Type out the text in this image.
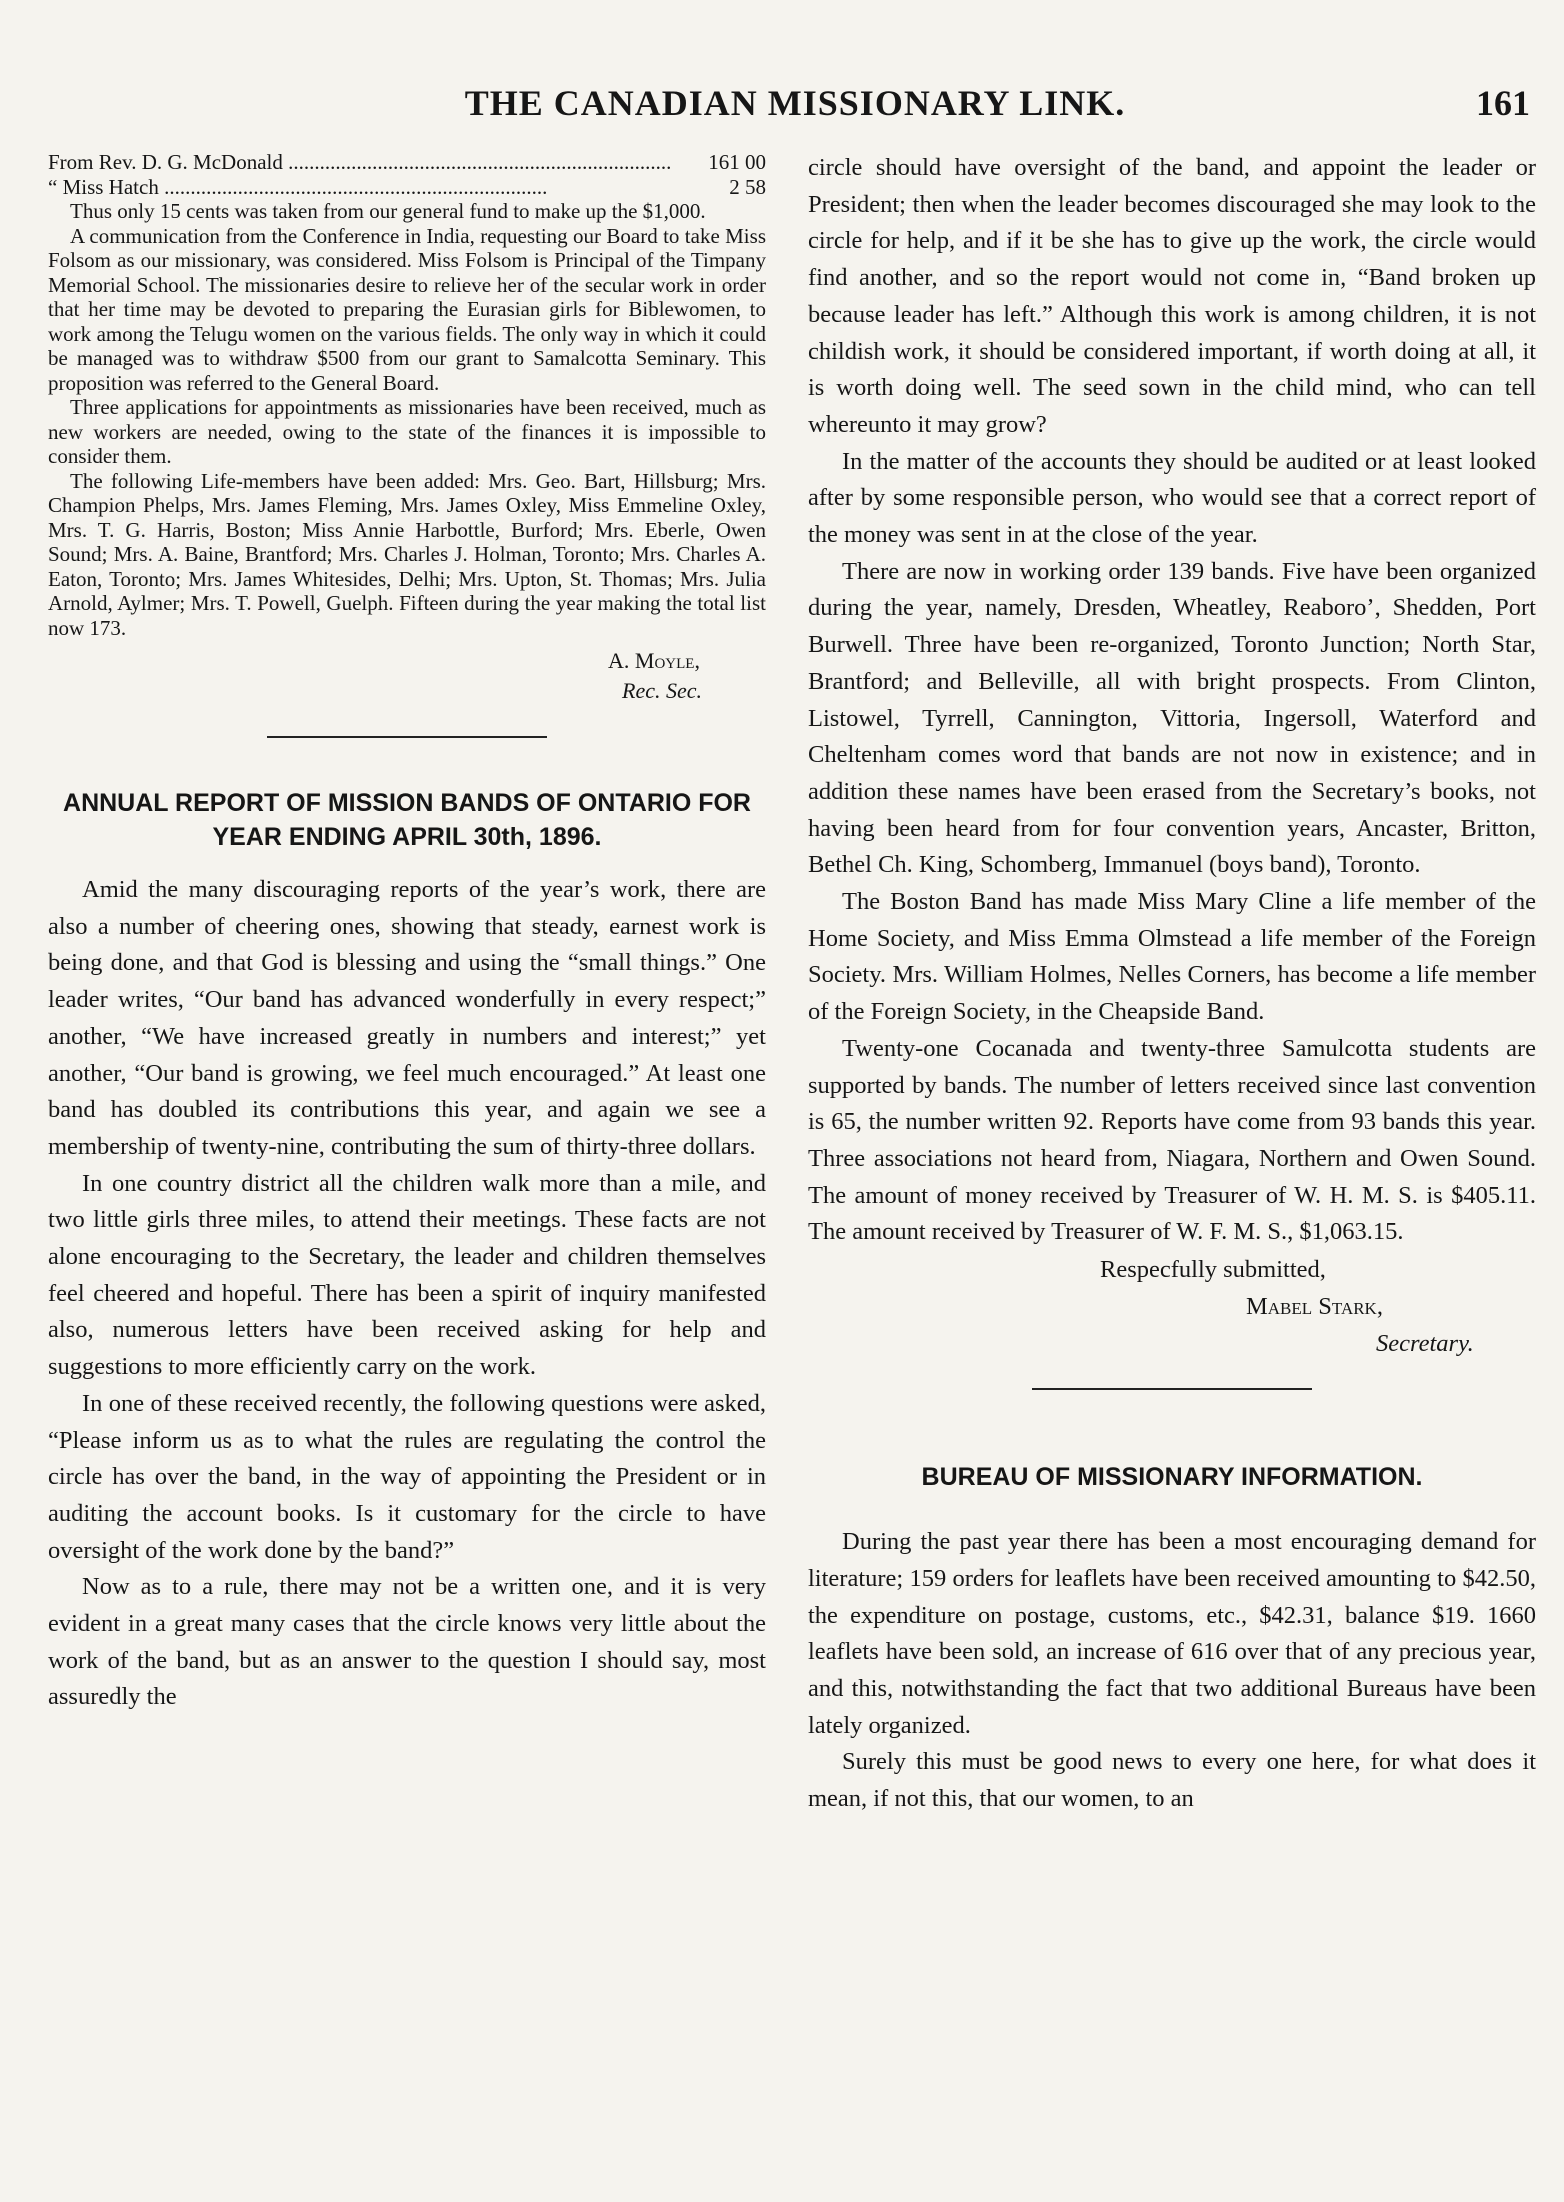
THE CANADIAN MISSIONARY LINK.	161
From Rev. D. G. McDonald .....	161 00
“ Miss Hatch .....	2 58

Thus only 15 cents was taken from our general fund to make up the $1,000.

A communication from the Conference in India, requesting our Board to take Miss Folsom as our missionary, was considered. Miss Folsom is Principal of the Timpany Memorial School. The missionaries desire to relieve her of the secular work in order that her time may be devoted to preparing the Eurasian girls for Biblewomen, to work among the Telugu women on the various fields. The only way in which it could be managed was to withdraw $500 from our grant to Samalcotta Seminary. This proposition was referred to the General Board.

Three applications for appointments as missionaries have been received, much as new workers are needed, owing to the state of the finances it is impossible to consider them.

The following Life-members have been added: Mrs. Geo. Bart, Hillsburg; Mrs. Champion Phelps, Mrs. James Fleming, Mrs. James Oxley, Miss Emmeline Oxley, Mrs. T. G. Harris, Boston; Miss Annie Harbottle, Burford; Mrs. Eberle, Owen Sound; Mrs. A. Baine, Brantford; Mrs. Charles J. Holman, Toronto; Mrs. Charles A. Eaton, Toronto; Mrs. James Whitesides, Delhi; Mrs. Upton, St. Thomas; Mrs. Julia Arnold, Aylmer; Mrs. T. Powell, Guelph. Fifteen during the year making the total list now 173.

A. Moyle,
Rec. Sec.
ANNUAL REPORT OF MISSION BANDS OF ONTARIO FOR YEAR ENDING APRIL 30th, 1896.

Amid the many discouraging reports of the year’s work, there are also a number of cheering ones, showing that steady, earnest work is being done, and that God is blessing and using the “small things.” One leader writes, “Our band has advanced wonderfully in every respect;” another, “We have increased greatly in numbers and interest;” yet another, “Our band is growing, we feel much encouraged.” At least one band has doubled its contributions this year, and again we see a membership of twenty-nine, contributing the sum of thirty-three dollars.

In one country district all the children walk more than a mile, and two little girls three miles, to attend their meetings. These facts are not alone encouraging to the Secretary, the leader and children themselves feel cheered and hopeful. There has been a spirit of inquiry manifested also, numerous letters have been received asking for help and suggestions to more efficiently carry on the work.

In one of these received recently, the following questions were asked, “Please inform us as to what the rules are regulating the control the circle has over the band, in the way of appointing the President or in auditing the account books. Is it customary for the circle to have oversight of the work done by the band?”

Now as to a rule, there may not be a written one, and it is very evident in a great many cases that the circle knows very little about the work of the band, but as an answer to the question I should say, most assuredly the

circle should have oversight of the band, and appoint the leader or President; then when the leader becomes discouraged she may look to the circle for help, and if it be she has to give up the work, the circle would find another, and so the report would not come in, “Band broken up because leader has left.” Although this work is among children, it is not childish work, it should be considered important, if worth doing at all, it is worth doing well. The seed sown in the child mind, who can tell whereunto it may grow?

In the matter of the accounts they should be audited or at least looked after by some responsible person, who would see that a correct report of the money was sent in at the close of the year.

There are now in working order 139 bands. Five have been organized during the year, namely, Dresden, Wheatley, Reaboro’, Shedden, Port Burwell. Three have been re-organized, Toronto Junction; North Star, Brantford; and Belleville, all with bright prospects. From Clinton, Listowel, Tyrrell, Cannington, Vittoria, Ingersoll, Waterford and Cheltenham comes word that bands are not now in existence; and in addition these names have been erased from the Secretary’s books, not having been heard from for four convention years, Ancaster, Britton, Bethel Ch. King, Schomberg, Immanuel (boys band), Toronto.

The Boston Band has made Miss Mary Cline a life member of the Home Society, and Miss Emma Olmstead a life member of the Foreign Society. Mrs. William Holmes, Nelles Corners, has become a life member of the Foreign Society, in the Cheapside Band.

Twenty-one Cocanada and twenty-three Samulcotta students are supported by bands. The number of letters received since last convention is 65, the number written 92. Reports have come from 93 bands this year. Three associations not heard from, Niagara, Northern and Owen Sound. The amount of money received by Treasurer of W. H. M. S. is $405.11. The amount received by Treasurer of W. F. M. S., $1,063.15.

Respecfully submitted,
Mabel Stark,
Secretary.
BUREAU OF MISSIONARY INFORMATION.

During the past year there has been a most encouraging demand for literature; 159 orders for leaflets have been received amounting to $42.50, the expenditure on postage, customs, etc., $42.31, balance $19. 1660 leaflets have been sold, an increase of 616 over that of any precious year, and this, notwithstanding the fact that two additional Bureaus have been lately organized.

Surely this must be good news to every one here, for what does it mean, if not this, that our women, to an
